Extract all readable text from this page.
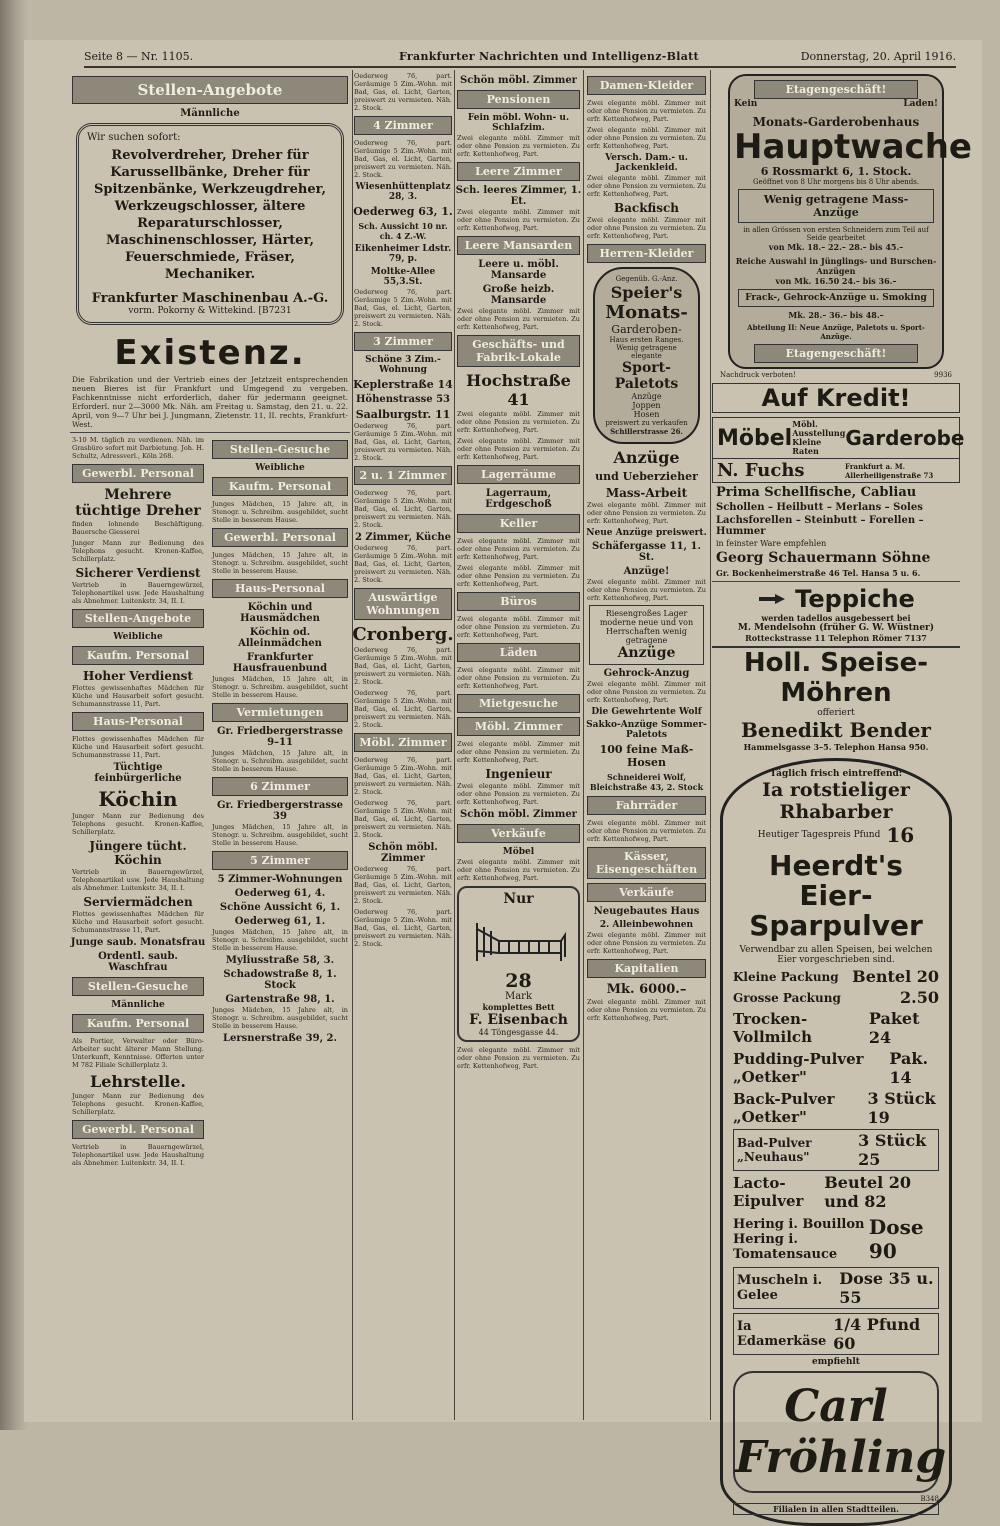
Seite 8 — Nr. 1105.	Frankfurter Nachrichten und Intelligenz-Blatt	Donnerstag, 20. April 1916.
Stellen-Angebote
Männliche
Wir suchen sofort:
Revolverdreher, Dreher für Karussellbänke, Dreher für Spitzenbänke, Werkzeugdreher, Werkzeugschlosser, ältere Reparaturschlosser, Maschinenschlosser, Härter, Feuerschmiede, Fräser, Mechaniker.
Frankfurter Maschinenbau A.-G.
vorm. Pokorny & Wittekind. [B7231
Existenz.
Die Fabrikation und der Vertrieb eines der Jetztzeit entsprechenden neuen Bieres ist für Frankfurt und Umgegend zu vergeben. Fachkenntnisse nicht erforderlich, daher für jedermann geeignet. Erforderl. nur 2—3000 Mk. Näh. am Freitag u. Samstag, den 21. u. 22. April, von 9—7 Uhr bei J. Jungmann, Zietenstr. 11, II. rechts, Frankfurt-West.
3-10 M. täglich zu verdienen. Näh. im Grasbüro sofort mit Darbietung. Joh. H. Schultz, Adressverl., Köln 268.
Gewerbl. Personal
Mehrere tüchtige Dreher
finden lohnende Beschäftigung. Bauersche Giesserei
Junger Mann zur Bedienung des Telephons gesucht. Kronen-Kaffee, Schillerplatz.
Sicherer Verdienst
Vertrieb in Bauerngewürzel, Telephonartikel usw. Jede Haushaltung als Abnehmer. Luitenkstr. 34, II. I.
Stellen-Angebote
Weibliche
Kaufm. Personal
Hoher Verdienst
Flottes gewissenhaftes Mädchen für Küche und Hausarbeit sofort gesucht. Schumannstrasse 11, Part.
Haus-Personal
Flottes gewissenhaftes Mädchen für Küche und Hausarbeit sofort gesucht. Schumannstrasse 11, Part.
Tüchtige feinbürgerliche
Köchin
Junger Mann zur Bedienung des Telephons gesucht. Kronen-Kaffee, Schillerplatz.
Jüngere tücht. Köchin
Vertrieb in Bauerngewürzel, Telephonartikel usw. Jede Haushaltung als Abnehmer. Luitenkstr. 34, II. I.
Serviermädchen
Flottes gewissenhaftes Mädchen für Küche und Hausarbeit sofort gesucht. Schumannstrasse 11, Part.
Junge saub. Monatsfrau
Ordentl. saub. Waschfrau
Stellen-Gesuche
Männliche
Kaufm. Personal
Als Portier, Verwalter oder Büro-Arbeiter sucht älterer Mann Stellung. Unterkunft, Kenntnisse. Offerten unter M 782 Filiale Schillerplatz 3.
Lehrstelle.
Junger Mann zur Bedienung des Telephons gesucht. Kronen-Kaffee, Schillerplatz.
Gewerbl. Personal
Vertrieb in Bauerngewürzel, Telephonartikel usw. Jede Haushaltung als Abnehmer. Luitenkstr. 34, II. I.
Stellen-Gesuche
Weibliche
Kaufm. Personal
Junges Mädchen, 15 Jahre alt, in Stenogr. u. Schreibm. ausgebildet, sucht Stelle in besserem Hause.
Gewerbl. Personal
Junges Mädchen, 15 Jahre alt, in Stenogr. u. Schreibm. ausgebildet, sucht Stelle in besserem Hause.
Haus-Personal
Köchin und Hausmädchen
Köchin od. Alleinmädchen
Frankfurter Hausfrauenbund
Junges Mädchen, 15 Jahre alt, in Stenogr. u. Schreibm. ausgebildet, sucht Stelle in besserem Hause.
Vermietungen
Gr. Friedbergerstrasse 9–11
Junges Mädchen, 15 Jahre alt, in Stenogr. u. Schreibm. ausgebildet, sucht Stelle in besserem Hause.
6 Zimmer
Gr. Friedbergerstrasse 39
Junges Mädchen, 15 Jahre alt, in Stenogr. u. Schreibm. ausgebildet, sucht Stelle in besserem Hause.
5 Zimmer
5 Zimmer-Wohnungen
Oederweg 61, 4.
Schöne Aussicht 6, 1.
Oederweg 61, 1.
Junges Mädchen, 15 Jahre alt, in Stenogr. u. Schreibm. ausgebildet, sucht Stelle in besserem Hause.
Myliusstraße 58, 3.
Schadowstraße 8, 1. Stock
Gartenstraße 98, 1.
Junges Mädchen, 15 Jahre alt, in Stenogr. u. Schreibm. ausgebildet, sucht Stelle in besserem Hause.
Lersnerstraße 39, 2.
Oederweg 76, part. Geräumige 5 Zim.-Wohn. mit Bad, Gas, el. Licht, Garten, preiswert zu vermieten. Näh. 2. Stock.
4 Zimmer
Oederweg 76, part. Geräumige 5 Zim.-Wohn. mit Bad, Gas, el. Licht, Garten, preiswert zu vermieten. Näh. 2. Stock.
Wiesenhüttenplatz 28, 3.
Oederweg 63, 1.
Sch. Aussicht 10 nr. ch. 4 Z.-W.
Eikenheimer Ldstr. 79, p.
Moltke-Allee 55,3.St.
Oederweg 76, part. Geräumige 5 Zim.-Wohn. mit Bad, Gas, el. Licht, Garten, preiswert zu vermieten. Näh. 2. Stock.
3 Zimmer
Schöne 3 Zim.-Wohnung
Keplerstraße 14
Höhenstrasse 53
Saalburgstr. 11
Oederweg 76, part. Geräumige 5 Zim.-Wohn. mit Bad, Gas, el. Licht, Garten, preiswert zu vermieten. Näh. 2. Stock.
2 u. 1 Zimmer
Oederweg 76, part. Geräumige 5 Zim.-Wohn. mit Bad, Gas, el. Licht, Garten, preiswert zu vermieten. Näh. 2. Stock.
2 Zimmer, Küche
Oederweg 76, part. Geräumige 5 Zim.-Wohn. mit Bad, Gas, el. Licht, Garten, preiswert zu vermieten. Näh. 2. Stock.
Auswärtige Wohnungen
Cronberg.
Oederweg 76, part. Geräumige 5 Zim.-Wohn. mit Bad, Gas, el. Licht, Garten, preiswert zu vermieten. Näh. 2. Stock.
Oederweg 76, part. Geräumige 5 Zim.-Wohn. mit Bad, Gas, el. Licht, Garten, preiswert zu vermieten. Näh. 2. Stock.
Möbl. Zimmer
Oederweg 76, part. Geräumige 5 Zim.-Wohn. mit Bad, Gas, el. Licht, Garten, preiswert zu vermieten. Näh. 2. Stock.
Oederweg 76, part. Geräumige 5 Zim.-Wohn. mit Bad, Gas, el. Licht, Garten, preiswert zu vermieten. Näh. 2. Stock.
Schön möbl. Zimmer
Oederweg 76, part. Geräumige 5 Zim.-Wohn. mit Bad, Gas, el. Licht, Garten, preiswert zu vermieten. Näh. 2. Stock.
Oederweg 76, part. Geräumige 5 Zim.-Wohn. mit Bad, Gas, el. Licht, Garten, preiswert zu vermieten. Näh. 2. Stock.
Schön möbl. Zimmer
Pensionen
Fein möbl. Wohn- u. Schlafzim.
Zwei elegante möbl. Zimmer mit oder ohne Pension zu vermieten. Zu erfr. Kettenhofweg, Part.
Leere Zimmer
Sch. leeres Zimmer, 1. Et.
Zwei elegante möbl. Zimmer mit oder ohne Pension zu vermieten. Zu erfr. Kettenhofweg, Part.
Leere Mansarden
Leere u. möbl. Mansarde
Große heizb. Mansarde
Zwei elegante möbl. Zimmer mit oder ohne Pension zu vermieten. Zu erfr. Kettenhofweg, Part.
Geschäfts- und Fabrik-Lokale
Hochstraße 41
Zwei elegante möbl. Zimmer mit oder ohne Pension zu vermieten. Zu erfr. Kettenhofweg, Part.
Zwei elegante möbl. Zimmer mit oder ohne Pension zu vermieten. Zu erfr. Kettenhofweg, Part.
Lagerräume
Lagerraum, Erdgeschoß
Keller
Zwei elegante möbl. Zimmer mit oder ohne Pension zu vermieten. Zu erfr. Kettenhofweg, Part.
Zwei elegante möbl. Zimmer mit oder ohne Pension zu vermieten. Zu erfr. Kettenhofweg, Part.
Büros
Zwei elegante möbl. Zimmer mit oder ohne Pension zu vermieten. Zu erfr. Kettenhofweg, Part.
Läden
Zwei elegante möbl. Zimmer mit oder ohne Pension zu vermieten. Zu erfr. Kettenhofweg, Part.
Mietgesuche
Möbl. Zimmer
Zwei elegante möbl. Zimmer mit oder ohne Pension zu vermieten. Zu erfr. Kettenhofweg, Part.
Ingenieur
Zwei elegante möbl. Zimmer mit oder ohne Pension zu vermieten. Zu erfr. Kettenhofweg, Part.
Schön möbl. Zimmer
Verkäufe
Möbel
Zwei elegante möbl. Zimmer mit oder ohne Pension zu vermieten. Zu erfr. Kettenhofweg, Part.
Nur
28
Mark
komplettes Bett
F. Eisenbach
44 Töngesgasse 44.
Zwei elegante möbl. Zimmer mit oder ohne Pension zu vermieten. Zu erfr. Kettenhofweg, Part.
Damen-Kleider
Zwei elegante möbl. Zimmer mit oder ohne Pension zu vermieten. Zu erfr. Kettenhofweg, Part.
Zwei elegante möbl. Zimmer mit oder ohne Pension zu vermieten. Zu erfr. Kettenhofweg, Part.
Versch. Dam.- u. Jackenkleid.
Zwei elegante möbl. Zimmer mit oder ohne Pension zu vermieten. Zu erfr. Kettenhofweg, Part.
Backfisch
Zwei elegante möbl. Zimmer mit oder ohne Pension zu vermieten. Zu erfr. Kettenhofweg, Part.
Herren-Kleider
Gegenüb. G.-Anz.
Speier's
Monats-
Garderoben-
Haus ersten Ranges.
Wenig getragene elegante
Sport-
Paletots
Anzüge
Joppen
Hosen
preiswert zu verkaufen
Schillerstrasse 26.
Anzüge
und Ueberzieher
Mass-Arbeit
Zwei elegante möbl. Zimmer mit oder ohne Pension zu vermieten. Zu erfr. Kettenhofweg, Part.
Neue Anzüge preiswert.
Schäfergasse 11, 1. St.
Anzüge!
Zwei elegante möbl. Zimmer mit oder ohne Pension zu vermieten. Zu erfr. Kettenhofweg, Part.
Riesengroßes Lager moderne neue und von Herrschaften wenig getragene
Anzüge
Gehrock-Anzug
Zwei elegante möbl. Zimmer mit oder ohne Pension zu vermieten. Zu erfr. Kettenhofweg, Part.
Die Gewehrtente Wolf
Sakko-Anzüge Sommer-Paletots
100 feine Maß-Hosen
Schneiderei Wolf, Bleichstraße 43, 2. Stock
Fahrräder
Zwei elegante möbl. Zimmer mit oder ohne Pension zu vermieten. Zu erfr. Kettenhofweg, Part.
Kässer, Eisengeschäften
Verkäufe
Neugebautes Haus
2. Alleinbewohnen
Zwei elegante möbl. Zimmer mit oder ohne Pension zu vermieten. Zu erfr. Kettenhofweg, Part.
Kapitalien
Mk. 6000.–
Zwei elegante möbl. Zimmer mit oder ohne Pension zu vermieten. Zu erfr. Kettenhofweg, Part.
Etagengeschäft!
Kein	Laden!
Monats-Garderobenhaus
Hauptwache
6 Rossmarkt 6, 1. Stock.
Geöffnet von 8 Uhr morgens bis 8 Uhr abends.
Wenig getragene Mass-Anzüge
in allen Grössen von ersten Schneidern zum Teil auf Seide gearbeitet
von Mk. 18.– 22.– 28.– bis 45.–
Reiche Auswahl in Jünglings- und Burschen-Anzügen
von Mk. 16.50 24.– bis 36.–
Frack-, Gehrock-Anzüge u. Smoking
Mk. 28.– 36.– bis 48.–
Abteilung II: Neue Anzüge, Paletots u. Sport-Anzüge.
Etagengeschäft!
Nachdruck verboten!	9936
Auf Kredit!
Möbel
Möbl. Ausstellung Kleine Raten
Garderobe
N. Fuchs	Frankfurt a. M. Allerheiligenstraße 73
Prima Schellfische, Cabliau
Schollen – Heilbutt – Merlans – Soles
Lachsforellen – Steinbutt – Forellen – Hummer
in feinster Ware empfehlen
Georg Schauermann Söhne
Gr. Bockenheimerstraße 46 Tel. Hansa 5 u. 6.
Teppiche
werden tadellos ausgebessert bei
M. Mendelsohn (früher G. W. Wüstner)
Rotteckstrasse 11 Telephon Römer 7137
Holl. Speise-Möhren
offeriert
Benedikt Bender
Hammelsgasse 3–5. Telephon Hansa 950.
Täglich frisch eintreffend:
Ia rotstieliger Rhabarber
Heutiger Tagespreis Pfund 16
Heerdt's Eier-Sparpulver
Verwendbar zu allen Speisen, bei welchen Eier vorgeschrieben sind.
Kleine Packung Bentel 20
Grosse Packung	2.50
Trocken-Vollmilch
Paket 24
Pudding-Pulver „Oetker"
Pak. 14
Back-Pulver „Oetker"
3 Stück 19
Bad-Pulver „Neuhaus"
3 Stück 25
Lacto-Eipulver
Beutel 20 und 82
Hering i. Bouillon
Hering i. Tomatensauce
Dose 90
Muscheln i. Gelee
Dose 35 u. 55
Ia Edamerkäse
1/4 Pfund 60
empfiehlt
Carl Fröhling
B348
Filialen in allen Stadtteilen.
